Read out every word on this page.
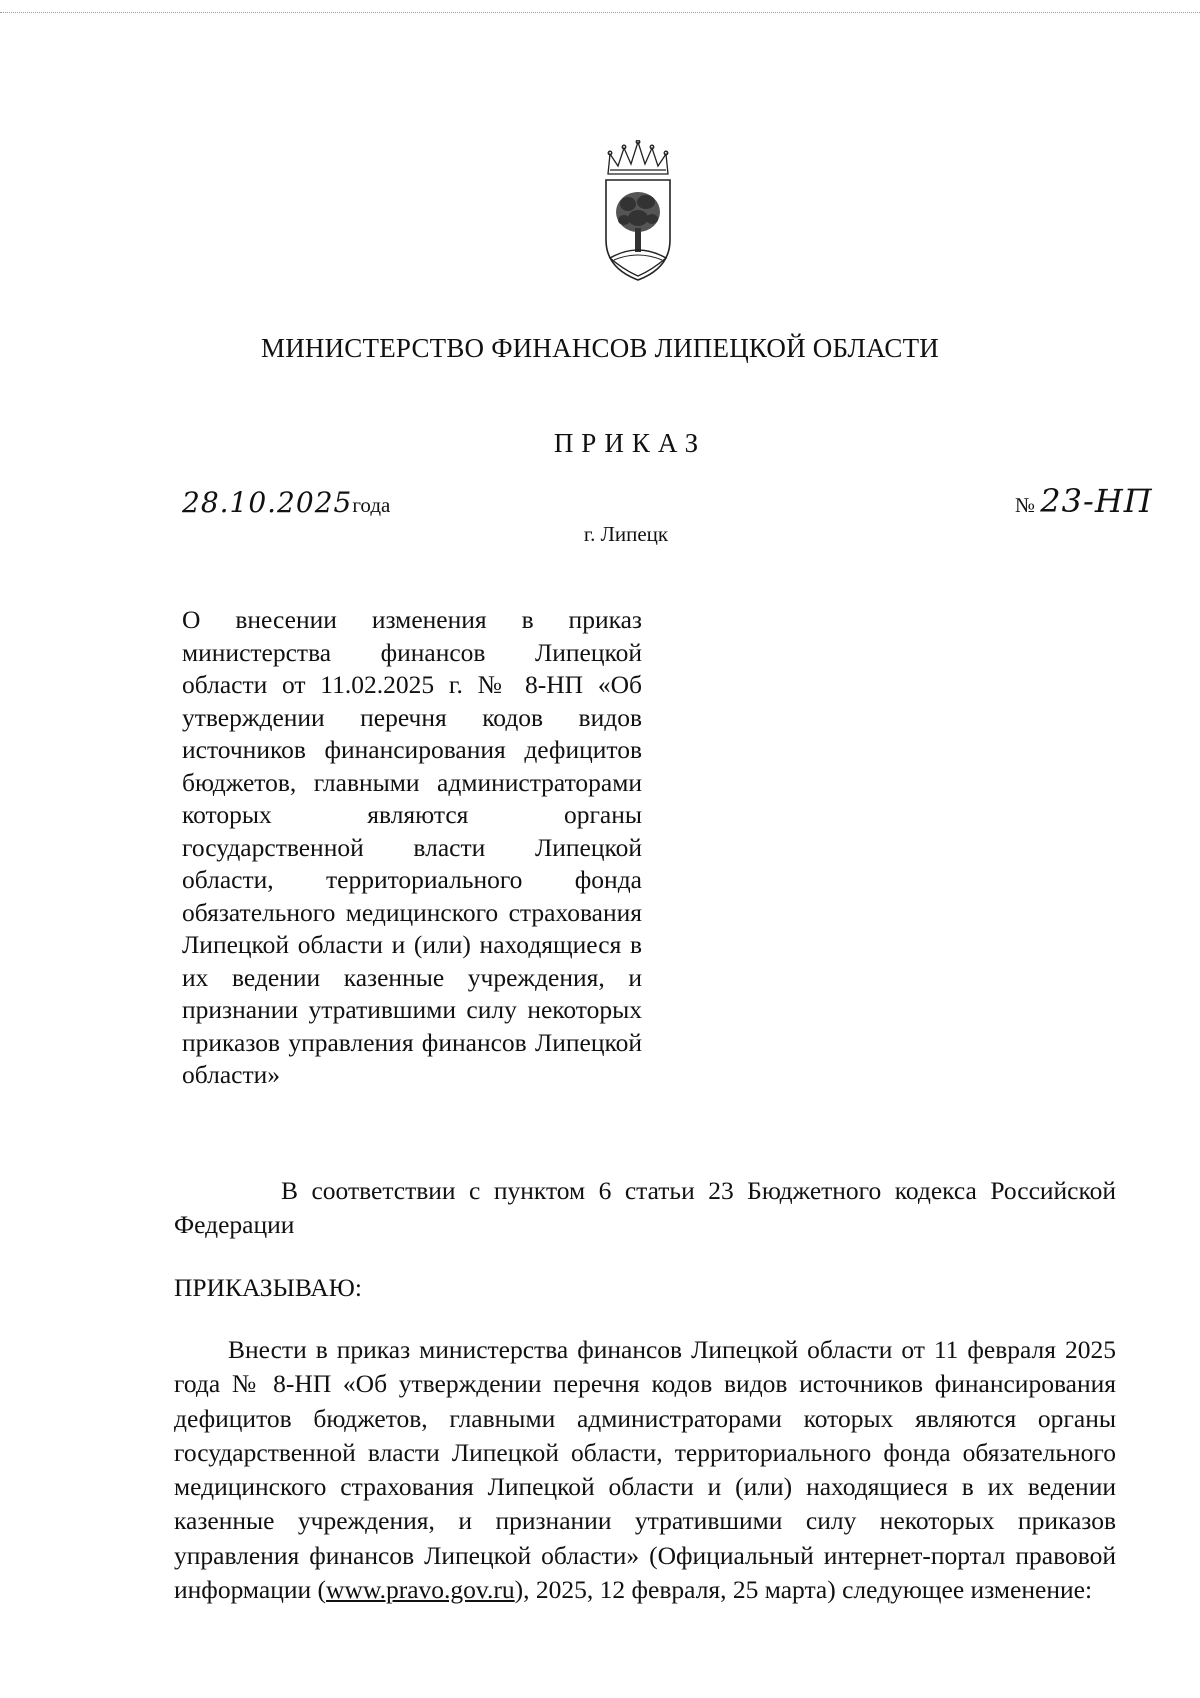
МИНИСТЕРСТВО ФИНАНСОВ ЛИПЕЦКОЙ ОБЛАСТИ
ПРИКАЗ
28.10.2025года	№ 23-НП
г. Липецк
О внесении изменения в приказ министерства финансов Липецкой области от 11.02.2025 г. № 8-НП «Об утверждении перечня кодов видов источников финансирования дефицитов бюджетов, главными администраторами которых являются органы государственной власти Липецкой области, территориального фонда обязательного медицинского страхования Липецкой области и (или) находящиеся в их ведении казенные учреждения, и признании утратившими силу некоторых приказов управления финансов Липецкой области»
В соответствии с пунктом 6 статьи 23 Бюджетного кодекса Российской Федерации
ПРИКАЗЫВАЮ:
Внести в приказ министерства финансов Липецкой области от 11 февраля 2025 года № 8-НП «Об утверждении перечня кодов видов источников финансирования дефицитов бюджетов, главными администраторами которых являются органы государственной власти Липецкой области, территориального фонда обязательного медицинского страхования Липецкой области и (или) находящиеся в их ведении казенные учреждения, и признании утратившими силу некоторых приказов управления финансов Липецкой области» (Официальный интернет-портал правовой информации (www.pravo.gov.ru), 2025, 12 февраля, 25 марта) следующее изменение:
